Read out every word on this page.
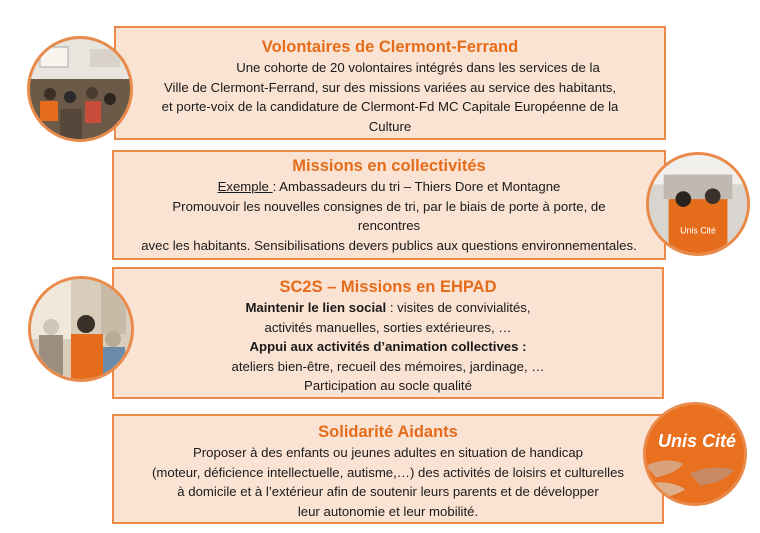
Volontaires de Clermont-Ferrand

Une cohorte de 20 volontaires intégrés dans les services de la

Ville de Clermont-Ferrand, sur des missions variées au service des habitants,

et porte-voix de la candidature de Clermont-Fd MC Capitale Européenne de la

Culture

Missions en collectivités

Exemple : Ambassadeurs du tri – Thiers Dore et Montagne

Promouvoir les nouvelles consignes de tri, par le biais de porte à porte, de

rencontres

avec les habitants. Sensibilisations devers publics aux questions environnementales.

SC2S – Missions en EHPAD

Maintenir le lien social : visites de convivialités,

activités manuelles, sorties extérieures, …

Appui aux activités d’animation collectives :

ateliers bien-être, recueil des mémoires, jardinage, …

Participation au socle qualité

Solidarité Aidants

Proposer à des enfants ou jeunes adultes en situation de handicap

(moteur, déficience intellectuelle, autisme,…) des activités de loisirs et culturelles

à domicile et à l’extérieur afin de soutenir leurs parents et de développer

leur autonomie et leur mobilité.

Unis Cité
Unis Cité
